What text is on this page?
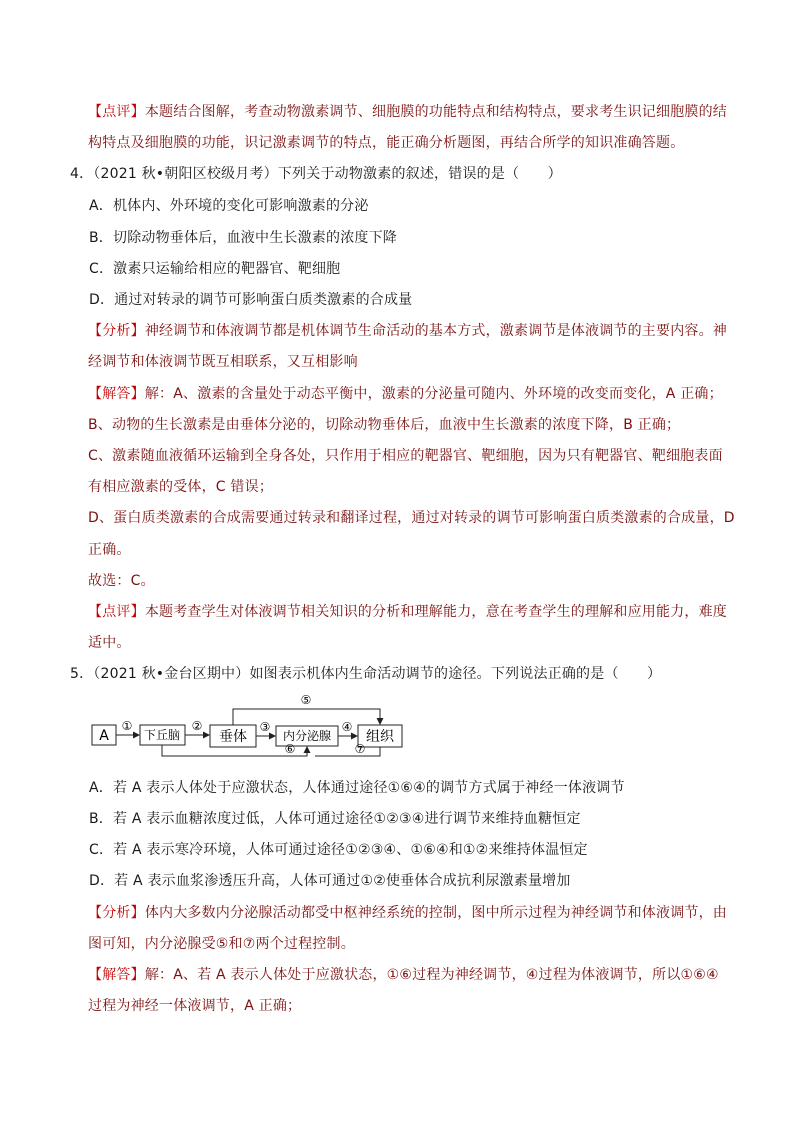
【点评】本题结合图解，考查动物激素调节、细胞膜的功能特点和结构特点，要求考生识记细胞膜的结
构特点及细胞膜的功能，识记激素调节的特点，能正确分析题图，再结合所学的知识准确答题。
4．（2021 秋•朝阳区校级月考）下列关于动物激素的叙述，错误的是（　　）
A．机体内、外环境的变化可影响激素的分泌
B．切除动物垂体后，血液中生长激素的浓度下降
C．激素只运输给相应的靶器官、靶细胞
D．通过对转录的调节可影响蛋白质类激素的合成量
【分析】神经调节和体液调节都是机体调节生命活动的基本方式，激素调节是体液调节的主要内容。神
经调节和体液调节既互相联系，又互相影响
【解答】解：A、激素的含量处于动态平衡中，激素的分泌量可随内、外环境的改变而变化，A 正确；
B、动物的生长激素是由垂体分泌的，切除动物垂体后，血液中生长激素的浓度下降，B 正确；
C、激素随血液循环运输到全身各处，只作用于相应的靶器官、靶细胞，因为只有靶器官、靶细胞表面
有相应激素的受体，C 错误；
D、蛋白质类激素的合成需要通过转录和翻译过程，通过对转录的调节可影响蛋白质类激素的合成量，D
正确。
故选：C。
【点评】本题考查学生对体液调节相关知识的分析和理解能力，意在考查学生的理解和应用能力，难度
适中。
5．（2021 秋•金台区期中）如图表示机体内生命活动调节的途径。下列说法正确的是（　　）
A	下丘脑	垂体	内分泌腺 组织
①	②	③	④
⑤
⑥	⑦
A．若 A 表示人体处于应激状态，人体通过途径①⑥④的调节方式属于神经一体液调节
B．若 A 表示血糖浓度过低，人体可通过途径①②③④进行调节来维持血糖恒定
C．若 A 表示寒冷环境，人体可通过途径①②③④、①⑥④和①②来维持体温恒定
D．若 A 表示血浆渗透压升高，人体可通过①②使垂体合成抗利尿激素量增加
【分析】体内大多数内分泌腺活动都受中枢神经系统的控制，图中所示过程为神经调节和体液调节，由
图可知，内分泌腺受⑤和⑦两个过程控制。
【解答】解：A、若 A 表示人体处于应激状态，①⑥过程为神经调节，④过程为体液调节，所以①⑥④
过程为神经一体液调节，A 正确；
